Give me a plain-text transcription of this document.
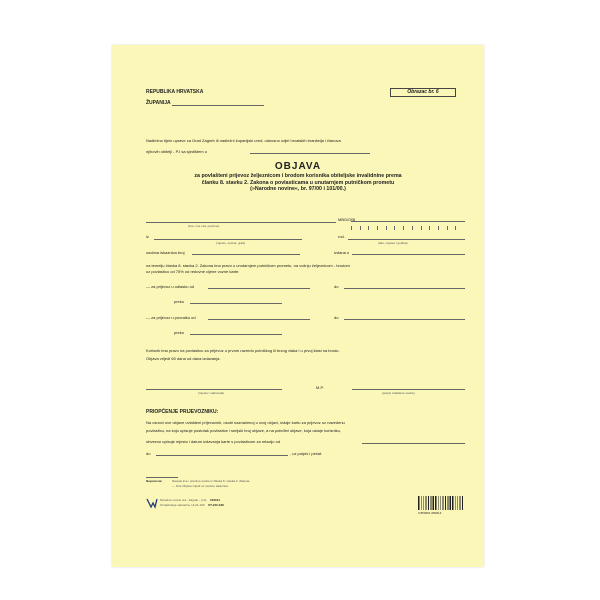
REPUBLIKA HRVATSKA
ŽUPANIJA
Obrazac br. 6
Nadležno tijelo uprave za Grad Zagreb ili nadležni županijski ured, odnosno odjel hrvatskih branitelja i članova
njihovih obitelji - PJ sa sjedištem u
OBJAVA
za povlašteni prijevoz željeznicom i brodom korisnika obiteljske invalidnine prema
članku 8. stavku 2. Zakona o povlasticama u unutarnjem putničkom prometu
(»Narodne novine«, br. 97/00 i 101/00.)
(ime, ime oca, prezime)
MBG/OIB
iz
(mjesto, općina, grad)
rod.
(dan, mjesec i godina)
osobna iskaznica broj	izdana u
na temelju članka 8. stavka 2. Zakona ima pravo u unutarnjem putničkom prometu, na vožnju željeznicom - brodom
uz povlasticu od 75% od redovne cijene vozne karte:
— za prijevoz u odlasku od	do
preko
— za prijevoz u povratku od	do
preko
Korisnik ima pravo na povlasticu za prijevoz u prvom razredu putničkog ili brzog vlaka i u prvoj klasi na brodu.
Objava vrijedi 60 dana od dana izdavanja.
(mjesto i nadnevak)
M.P.
(potpis ovlaštene osobe)
PRIOPĆENJE PRIJEVOZNIKU:
Na osnovi ove objave ovlašteni prijevoznik, osobi naznačenoj u ovoj objavi, izdaje kartu za prijevoz uz navedenu
povlasticu, na koju upisuje postotak povlastice i serijski broj objave, a na poleđini objave, koja ostaje korisniku,
obvezno upisuje mjesto i datum izdavanja karte s povlasticom za relaciju od
do	, uz potpis i pečat.
Napomena:	Navesti ime i prezime osobe iz članka 8. stavka 2. Zakona.
— Ova Objava vrijedi uz osobnu iskaznicu.
Narodne novine d.d., Zagreb - (I-2)
Označivanje stanarina, Ul-21-100
102101
UT-210-196
3 850251 050614
